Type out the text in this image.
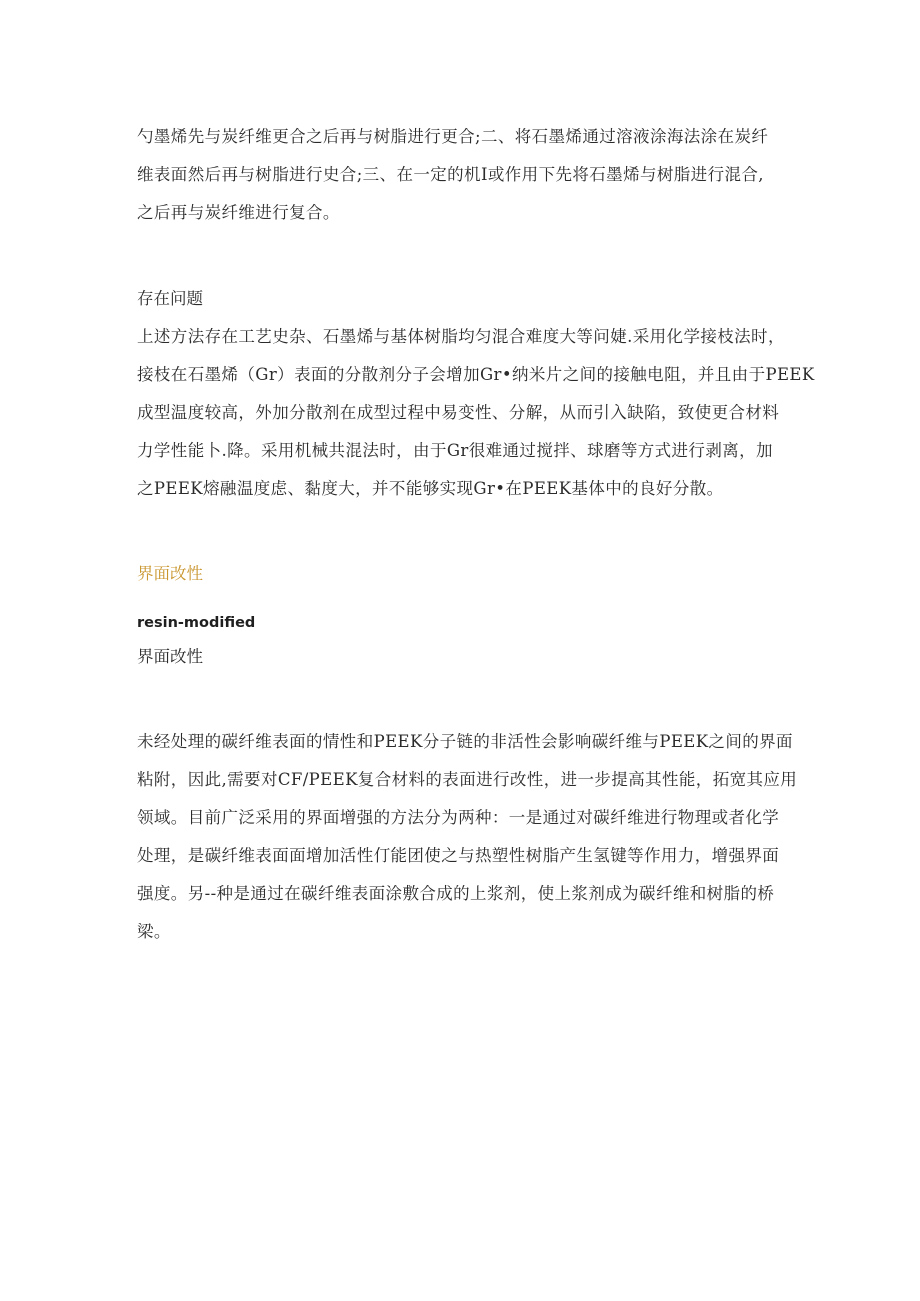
勺墨烯先与炭纤维更合之后再与树脂进行更合;二、将石墨烯通过溶液涂海法涂在炭纤
维表面然后再与树脂进行史合;三、在一定的机I或作用下先将石墨烯与树脂进行混合,
之后再与炭纤维进行复合。
存在问题
上述方法存在工艺史杂、石墨烯与基体树脂均匀混合难度大等问婕.采用化学接枝法时，
接枝在石墨烯（Gr）表面的分散剂分子会增加Gr•纳米片之间的接触电阻，并且由于PEEK
成型温度较高，外加分散剂在成型过程中易变性、分解，从而引入缺陷，致使更合材料
力学性能卜.降。采用机械共混法时，由于Gr很难通过搅拌、球磨等方式进行剥离，加
之PEEK熔融温度虑、黏度大，并不能够实现Gr•在PEEK基体中的良好分散。
界面改性
resin-modified
界面改性
未经处理的碳纤维表面的情性和PEEK分子链的非活性会影响碳纤维与PEEK之间的界面
粘附，因此,需要对CF/PEEK复合材料的表面进行改性，进一步提高其性能，拓宽其应用
领域。目前广泛采用的界面增强的方法分为两种：一是通过对碳纤维进行物理或者化学
处理，是碳纤维表面面增加活性仃能团使之与热塑性树脂产生氢键等作用力，增强界面
强度。另--种是通过在碳纤维表面涂敷合成的上浆剂，使上浆剂成为碳纤维和树脂的桥
梁。
